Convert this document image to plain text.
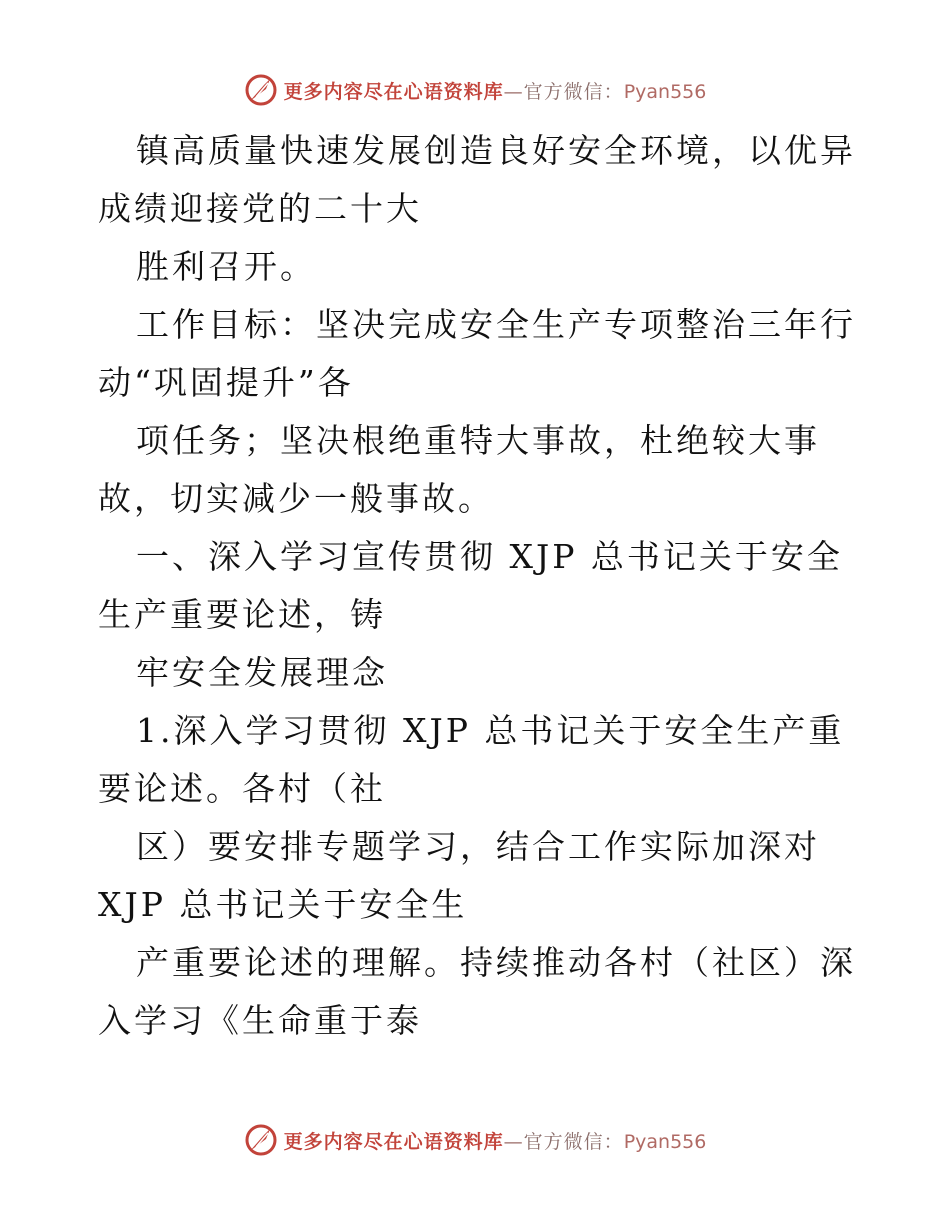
更多内容尽在心语资料库—官方微信：Pyan556

镇高质量快速发展创造良好安全环境，以优异成绩迎接党的二十大

胜利召开。

工作目标：坚决完成安全生产专项整治三年行动“巩固提升”各

项任务；坚决根绝重特大事故，杜绝较大事故，切实减少一般事故。

一、深入学习宣传贯彻 XJP 总书记关于安全生产重要论述，铸

牢安全发展理念

1.深入学习贯彻 XJP 总书记关于安全生产重要论述。各村（社

区）要安排专题学习，结合工作实际加深对 XJP 总书记关于安全生

产重要论述的理解。持续推动各村（社区）深入学习《生命重于泰

更多内容尽在心语资料库—官方微信：Pyan556
